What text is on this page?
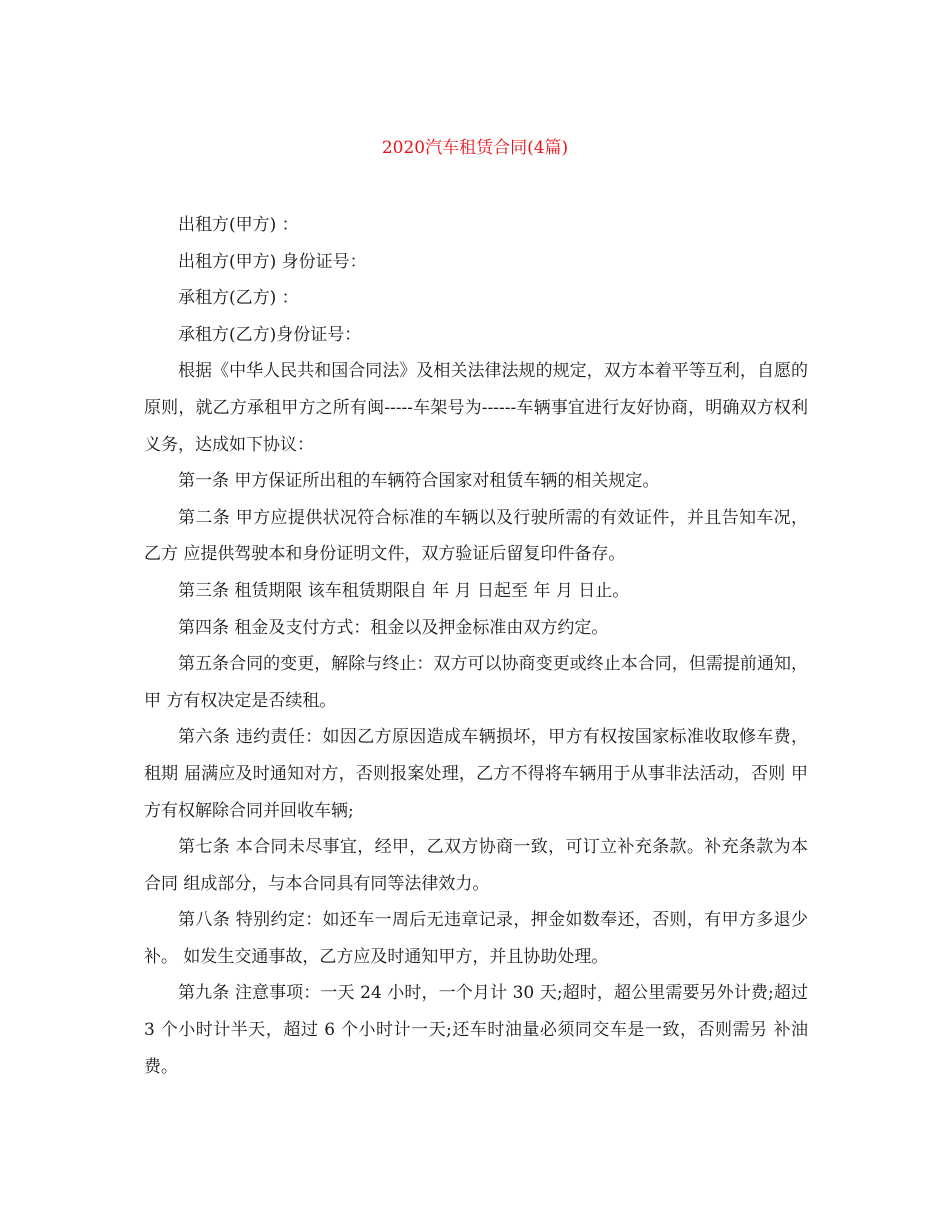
2020汽车租赁合同(4篇)

出租方(甲方) ：

出租方(甲方) 身份证号：

承租方(乙方) ：

承租方(乙方)身份证号：

根据《中华人民共和国合同法》及相关法律法规的规定，双方本着平等互利，自愿的 原则，就乙方承租甲方之所有闽-----车架号为------车辆事宜进行友好协商，明确双方权利义务，达成如下协议：

第一条 甲方保证所出租的车辆符合国家对租赁车辆的相关规定。

第二条 甲方应提供状况符合标准的车辆以及行驶所需的有效证件，并且告知车况，乙方 应提供驾驶本和身份证明文件，双方验证后留复印件备存。

第三条 租赁期限 该车租赁期限自 年 月 日起至 年 月 日止。

第四条 租金及支付方式：租金以及押金标准由双方约定。

第五条合同的变更，解除与终止：双方可以协商变更或终止本合同，但需提前通知，甲 方有权决定是否续租。

第六条 违约责任：如因乙方原因造成车辆损坏，甲方有权按国家标准收取修车费，租期 届满应及时通知对方，否则报案处理，乙方不得将车辆用于从事非法活动，否则 甲方有权解除合同并回收车辆;

第七条 本合同未尽事宜，经甲，乙双方协商一致，可订立补充条款。补充条款为本合同 组成部分，与本合同具有同等法律效力。

第八条 特别约定：如还车一周后无违章记录，押金如数奉还，否则，有甲方多退少补。 如发生交通事故，乙方应及时通知甲方，并且协助处理。

第九条 注意事项：一天 24 小时，一个月计 30 天;超时，超公里需要另外计费;超过 3 个小时计半天，超过 6 个小时计一天;还车时油量必须同交车是一致，否则需另 补油费。
